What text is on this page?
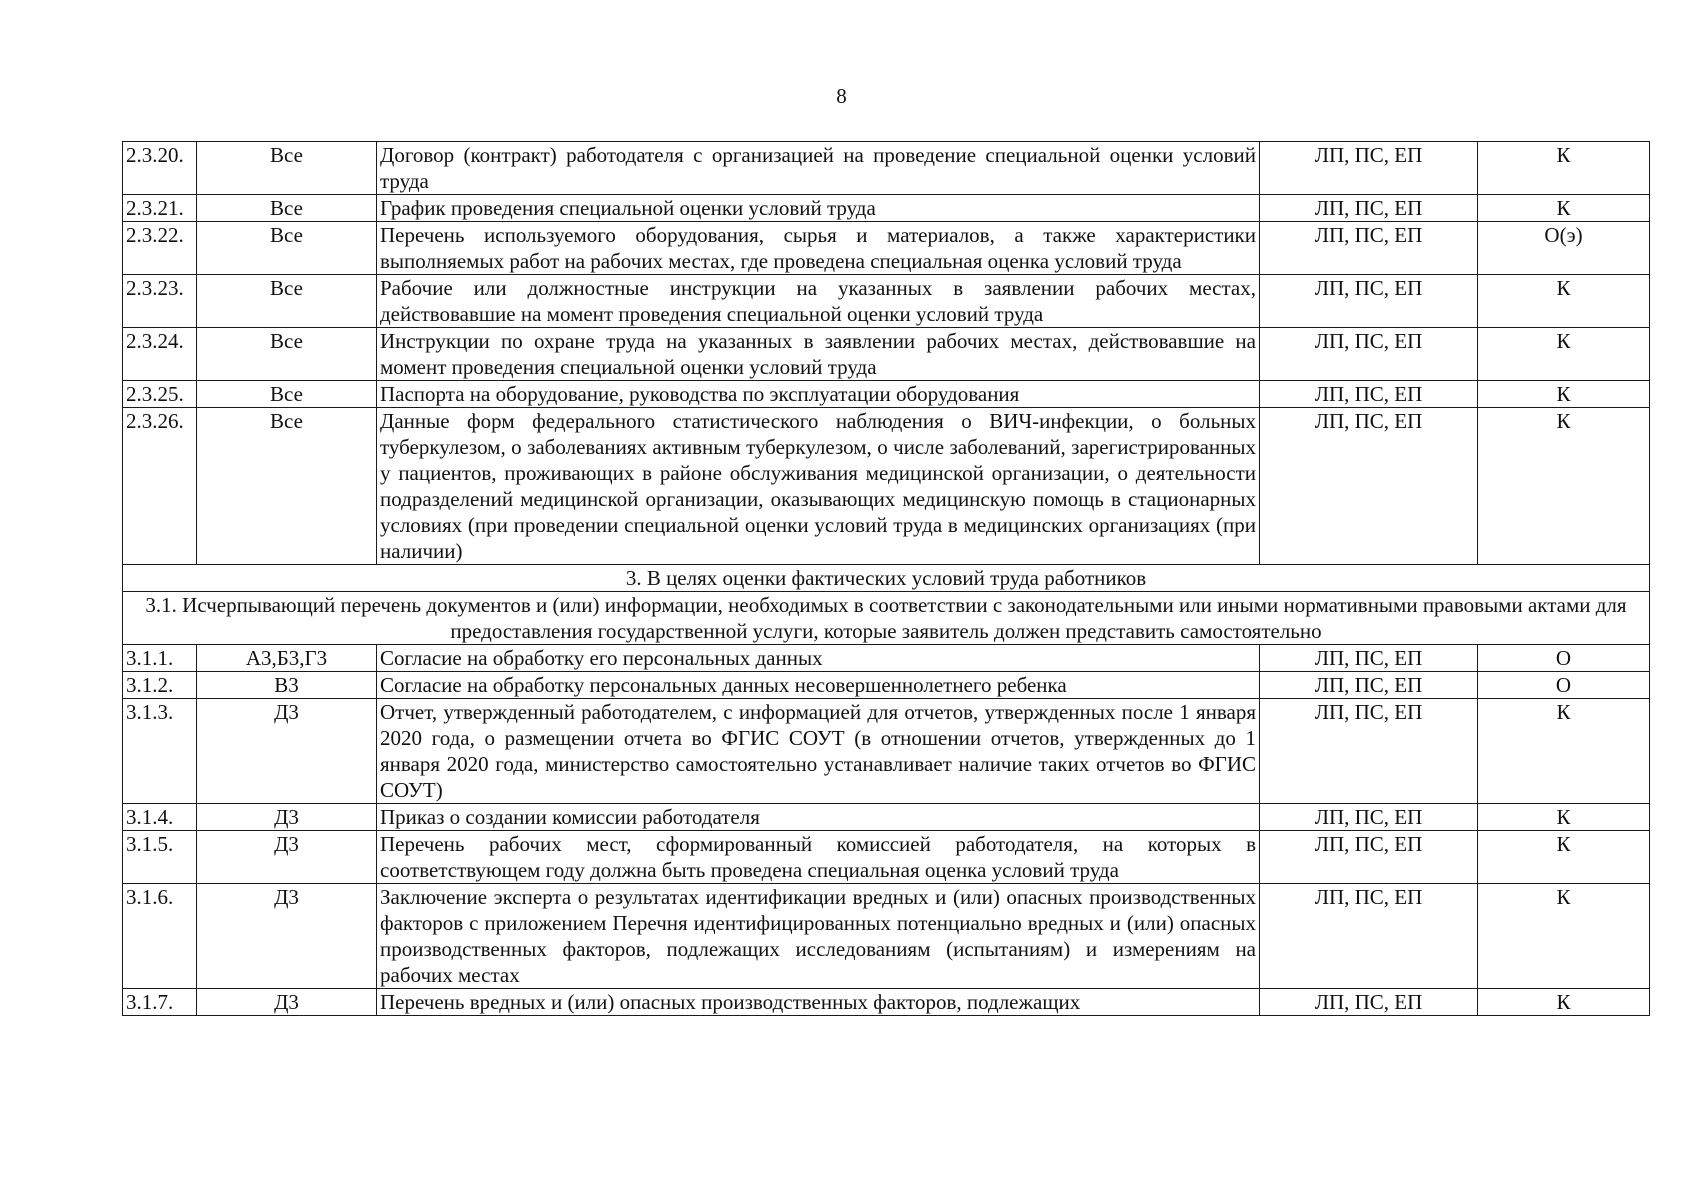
8
2.3.20.	Все	Договор (контракт) работодателя с организацией на проведение специальной оценки условий труда	ЛП, ПС, ЕП	К
2.3.21.	Все	График проведения специальной оценки условий труда	ЛП, ПС, ЕП	К
2.3.22.	Все	Перечень используемого оборудования, сырья и материалов, а также характеристики выполняемых работ на рабочих местах, где проведена специальная оценка условий труда	ЛП, ПС, ЕП	О(э)
2.3.23.	Все	Рабочие или должностные инструкции на указанных в заявлении рабочих местах, действовавшие на момент проведения специальной оценки условий труда	ЛП, ПС, ЕП	К
2.3.24.	Все	Инструкции по охране труда на указанных в заявлении рабочих местах, действовавшие на момент проведения специальной оценки условий труда	ЛП, ПС, ЕП	К
2.3.25.	Все	Паспорта на оборудование, руководства по эксплуатации оборудования	ЛП, ПС, ЕП	К
2.3.26.	Все	Данные форм федерального статистического наблюдения о ВИЧ-инфекции, о больных туберкулезом, о заболеваниях активным туберкулезом, о числе заболеваний, зарегистрированных у пациентов, проживающих в районе обслуживания медицинской организации, о деятельности подразделений медицинской организации, оказывающих медицинскую помощь в стационарных условиях (при проведении специальной оценки условий труда в медицинских организациях (при наличии)	ЛП, ПС, ЕП	К
3. В целях оценки фактических условий труда работников				
3.1. Исчерпывающий перечень документов и (или) информации, необходимых в соответствии с законодательными или иными нормативными правовыми актами для предоставления государственной услуги, которые заявитель должен представить самостоятельно				
3.1.1.	А3,Б3,Г3	Согласие на обработку его персональных данных	ЛП, ПС, ЕП	О
3.1.2.	В3	Согласие на обработку персональных данных несовершеннолетнего ребенка	ЛП, ПС, ЕП	О
3.1.3.	Д3	Отчет, утвержденный работодателем, с информацией для отчетов, утвержденных после 1 января 2020 года, о размещении отчета во ФГИС СОУТ (в отношении отчетов, утвержденных до 1 января 2020 года, министерство самостоятельно устанавливает наличие таких отчетов во ФГИС СОУТ)	ЛП, ПС, ЕП	К
3.1.4.	Д3	Приказ о создании комиссии работодателя	ЛП, ПС, ЕП	К
3.1.5.	Д3	Перечень рабочих мест, сформированный комиссией работодателя, на которых в соответствующем году должна быть проведена специальная оценка условий труда	ЛП, ПС, ЕП	К
3.1.6.	Д3	Заключение эксперта о результатах идентификации вредных и (или) опасных производственных факторов с приложением Перечня идентифицированных потенциально вредных и (или) опасных производственных факторов, подлежащих исследованиям (испытаниям) и измерениям на рабочих местах	ЛП, ПС, ЕП	К
3.1.7.	Д3	Перечень вредных и (или) опасных производственных факторов, подлежащих	ЛП, ПС, ЕП	К
